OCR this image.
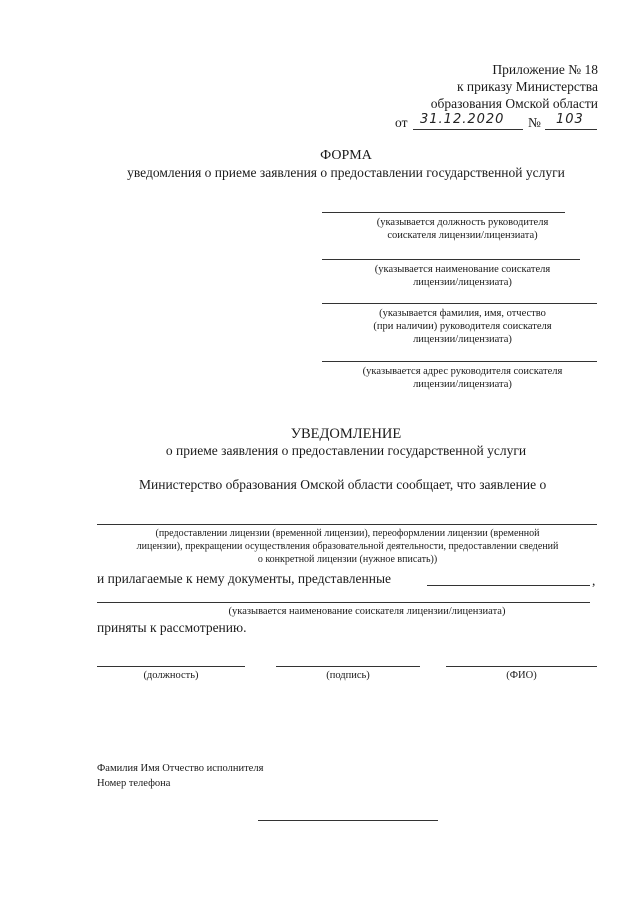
Приложение № 18
к приказу Министерства
образования Омской области
от 31.12.2020 № 103
ФОРМА
уведомления о приеме заявления о предоставлении государственной услуги
(указывается должность руководителя
соискателя лицензии/лицензиата)
(указывается наименование соискателя
лицензии/лицензиата)
(указывается фамилия, имя, отчество
(при наличии) руководителя соискателя
лицензии/лицензиата)
(указывается адрес руководителя соискателя
лицензии/лицензиата)
УВЕДОМЛЕНИЕ
о приеме заявления о предоставлении государственной услуги
Министерство образования Омской области сообщает, что заявление о
(предоставлении лицензии (временной лицензии), переоформлении лицензии (временной
лицензии), прекращении осуществления образовательной деятельности, предоставлении сведений
о конкретной лицензии (нужное вписать))
и прилагаемые к нему документы, представленные	,
(указывается наименование соискателя лицензии/лицензиата)
приняты к рассмотрению.
(должность)	(подпись)	(ФИО)
Фамилия Имя Отчество исполнителя
Номер телефона
